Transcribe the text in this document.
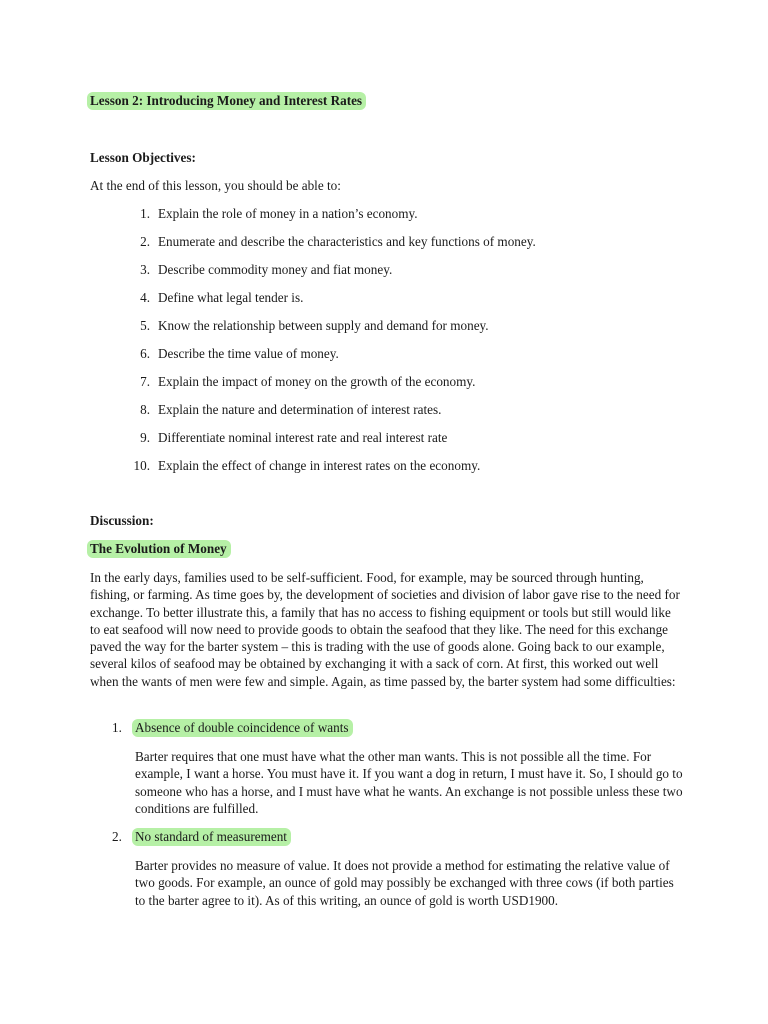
Lesson 2: Introducing Money and Interest Rates
Lesson Objectives:
At the end of this lesson, you should be able to:
1. Explain the role of money in a nation’s economy.
2. Enumerate and describe the characteristics and key functions of money.
3. Describe commodity money and fiat money.
4. Define what legal tender is.
5. Know the relationship between supply and demand for money.
6. Describe the time value of money.
7. Explain the impact of money on the growth of the economy.
8. Explain the nature and determination of interest rates.
9. Differentiate nominal interest rate and real interest rate
10. Explain the effect of change in interest rates on the economy.
Discussion:
The Evolution of Money

In the early days, families used to be self-sufficient. Food, for example, may be sourced through hunting, fishing, or farming. As time goes by, the development of societies and division of labor gave rise to the need for exchange. To better illustrate this, a family that has no access to fishing equipment or tools but still would like to eat seafood will now need to provide goods to obtain the seafood that they like. The need for this exchange paved the way for the barter system – this is trading with the use of goods alone. Going back to our example, several kilos of seafood may be obtained by exchanging it with a sack of corn. At first, this worked out well when the wants of men were few and simple. Again, as time passed by, the barter system had some difficulties:

1. Absence of double coincidence of wants

Barter requires that one must have what the other man wants. This is not possible all the time. For example, I want a horse. You must have it. If you want a dog in return, I must have it. So, I should go to someone who has a horse, and I must have what he wants. An exchange is not possible unless these two conditions are fulfilled.

2. No standard of measurement

Barter provides no measure of value. It does not provide a method for estimating the relative value of two goods. For example, an ounce of gold may possibly be exchanged with three cows (if both parties to the barter agree to it). As of this writing, an ounce of gold is worth USD1900.
